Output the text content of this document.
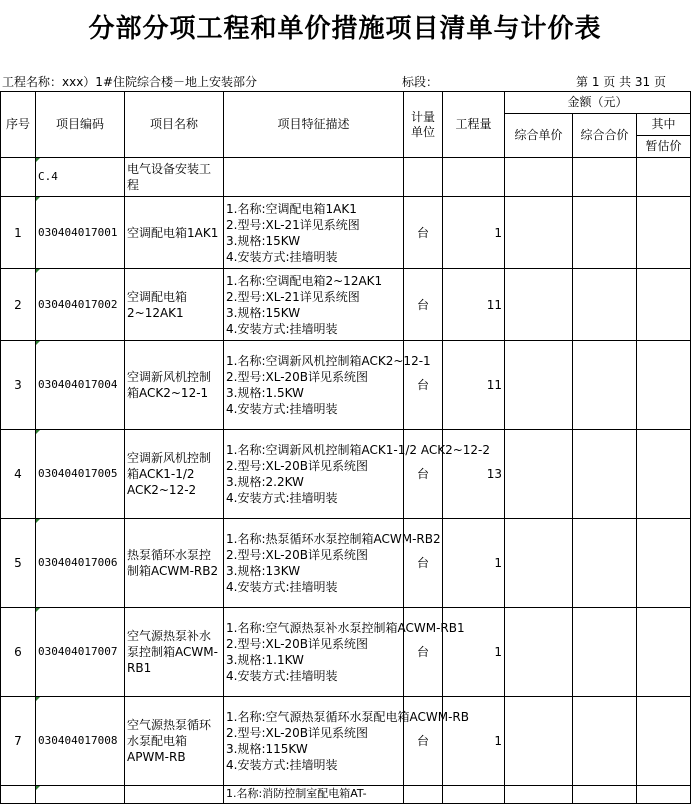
分部分项工程和单价措施项目清单与计价表
工程名称：xxx）1#住院综合楼－地上安装部分	标段：	第 1 页 共 31 页
序号	项目编码	项目名称	项目特征描述	计量单位	工程量	金额（元）		
						综合单价	综合合价	其中
								暂估价
	C.4	电气设备安装工程						
1	030404017001	空调配电箱1AK1	1.名称:空调配电箱1AK1
2.型号:XL-21详见系统图
3.规格:15KW
4.安装方式:挂墙明装	台	1			
2	030404017002	空调配电箱2~12AK1	1.名称:空调配电箱2~12AK1
2.型号:XL-21详见系统图
3.规格:15KW
4.安装方式:挂墙明装	台	11			
3	030404017004	空调新风机控制箱ACK2~12-1	1.名称:空调新风机控制箱ACK2~12-1
2.型号:XL-20B详见系统图
3.规格:1.5KW
4.安装方式:挂墙明装	台	11			
4	030404017005	空调新风机控制箱ACK1-1/2 ACK2~12-2	1.名称:空调新风机控制箱ACK1-1/2 ACK2~12-2
2.型号:XL-20B详见系统图
3.规格:2.2KW
4.安装方式:挂墙明装	台	13			
5	030404017006	热泵循环水泵控制箱ACWM-RB2	1.名称:热泵循环水泵控制箱ACWM-RB2
2.型号:XL-20B详见系统图
3.规格:13KW
4.安装方式:挂墙明装	台	1			
6	030404017007	空气源热泵补水泵控制箱ACWM-RB1	1.名称:空气源热泵补水泵控制箱ACWM-RB1
2.型号:XL-20B详见系统图
3.规格:1.1KW
4.安装方式:挂墙明装	台	1			
7	030404017008	空气源热泵循环水泵配电箱APWM-RB	1.名称:空气源热泵循环水泵配电箱ACWM-RB
2.型号:XL-20B详见系统图
3.规格:115KW
4.安装方式:挂墙明装	台	1			
			1.名称:消防控制室配电箱AT-					
